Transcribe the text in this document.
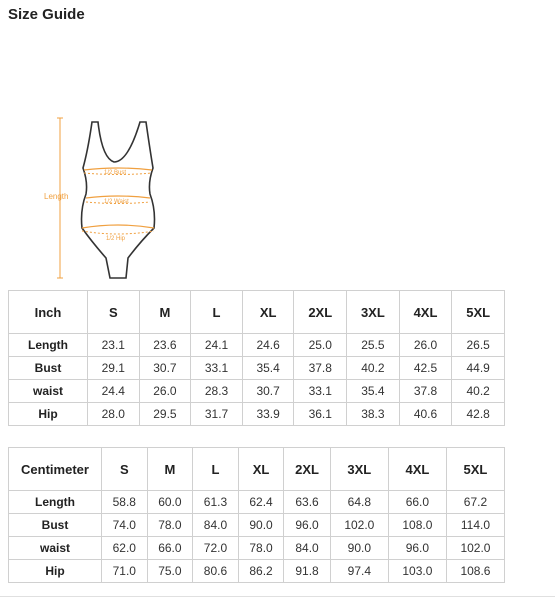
Size Guide
Length
1/2 Bust
1/2 Waist
1/2 Hip
Inch	S	M	L	XL	2XL	3XL	4XL	5XL
Length	23.1	23.6	24.1	24.6	25.0	25.5	26.0	26.5
Bust	29.1	30.7	33.1	35.4	37.8	40.2	42.5	44.9
waist	24.4	26.0	28.3	30.7	33.1	35.4	37.8	40.2
Hip	28.0	29.5	31.7	33.9	36.1	38.3	40.6	42.8
Centimeter	S	M	L	XL	2XL	3XL	4XL	5XL
Length	58.8	60.0	61.3	62.4	63.6	64.8	66.0	67.2
Bust	74.0	78.0	84.0	90.0	96.0	102.0	108.0	114.0
waist	62.0	66.0	72.0	78.0	84.0	90.0	96.0	102.0
Hip	71.0	75.0	80.6	86.2	91.8	97.4	103.0	108.6
